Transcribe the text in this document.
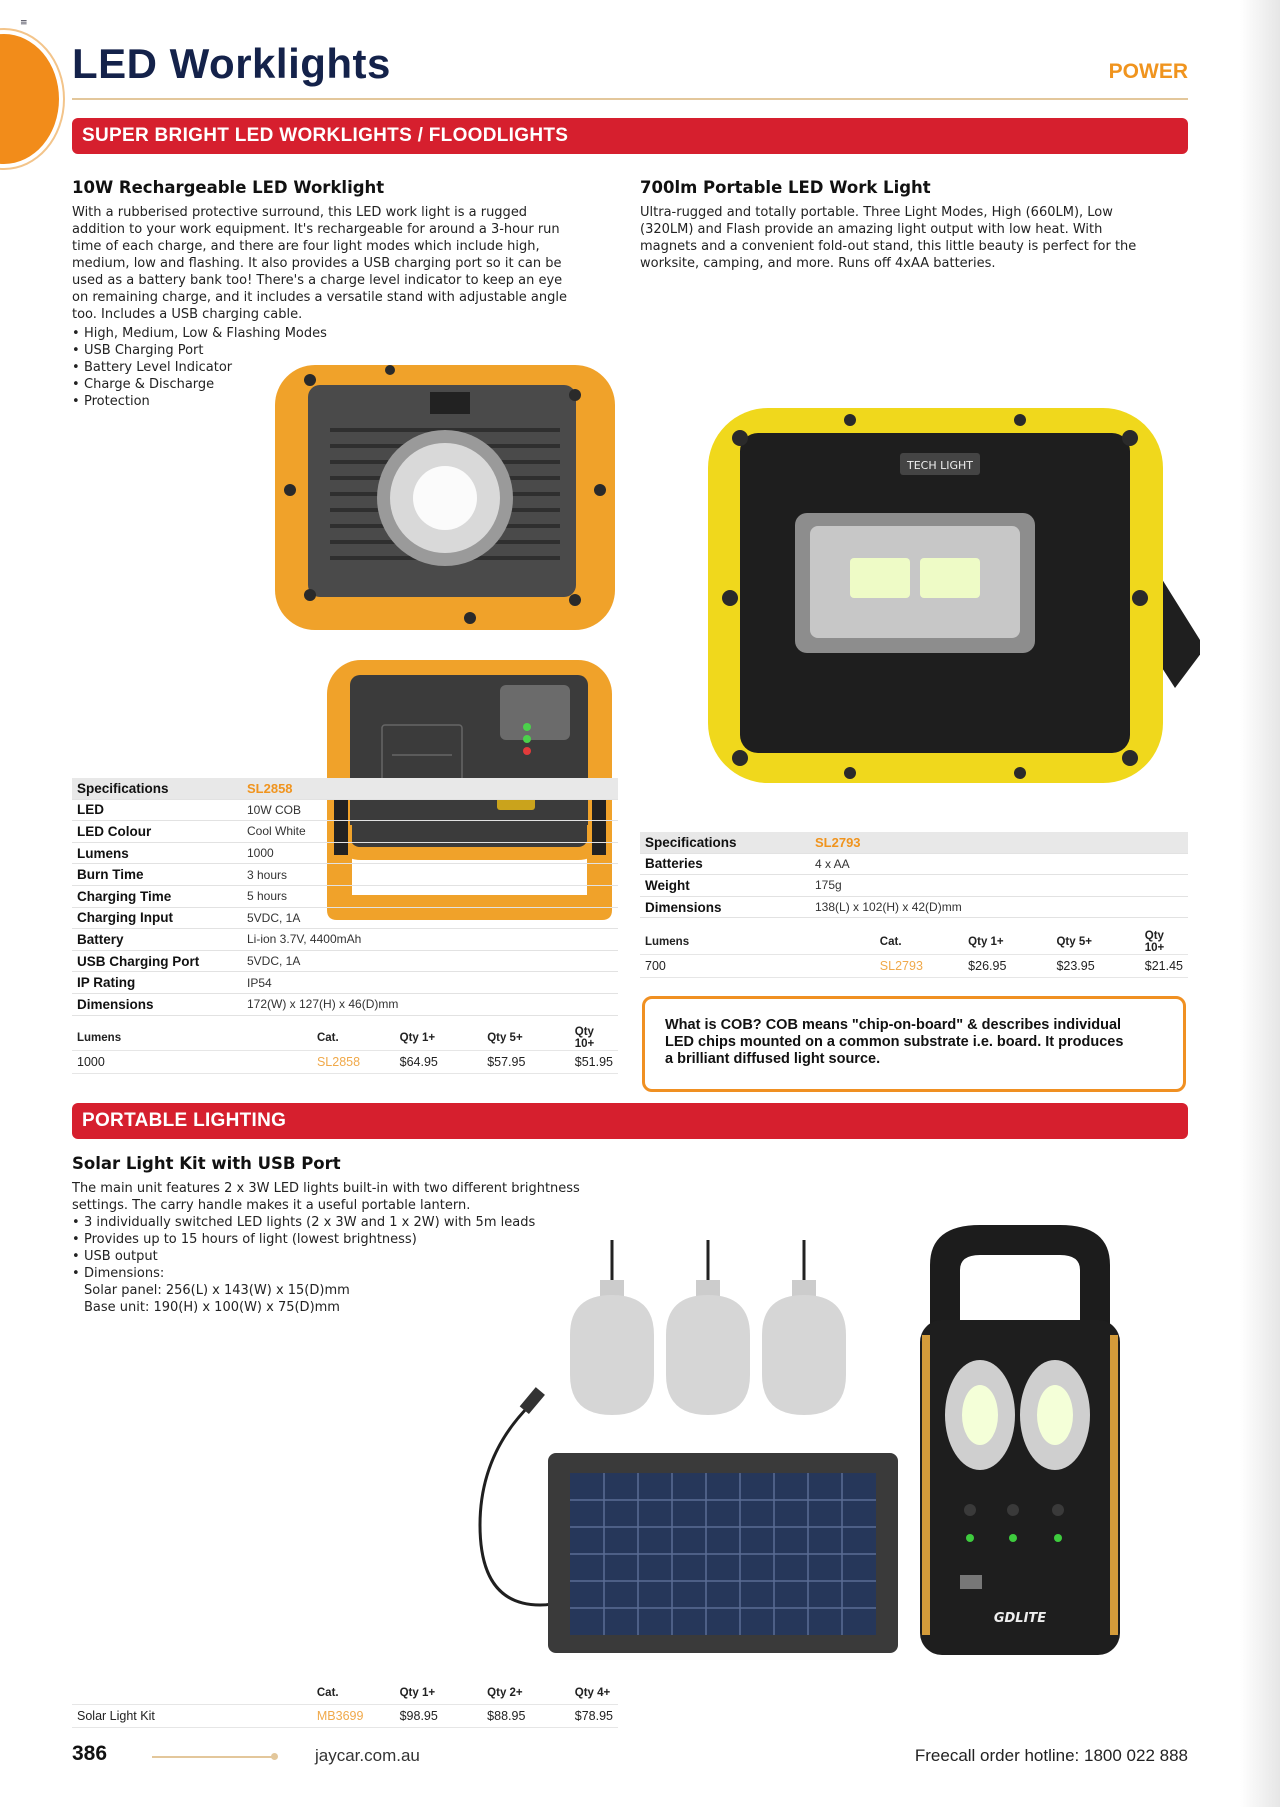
≡
LED Worklights	POWER
SUPER BRIGHT LED WORKLIGHTS / FLOODLIGHTS
10W Rechargeable LED Worklight
With a rubberised protective surround, this LED work light is a rugged
addition to your work equipment. It's rechargeable for around a 3-hour run
time of each charge, and there are four light modes which include high,
medium, low and flashing. It also provides a USB charging port so it can be
used as a battery bank too! There's a charge level indicator to keep an eye
on remaining charge, and it includes a versatile stand with adjustable angle
too. Includes a USB charging cable.
• High, Medium, Low & Flashing Modes
• USB Charging Port
• Battery Level Indicator
• Charge & Discharge
• Protection
Specifications	SL2858
LED	10W COB
LED Colour	Cool White
Lumens	1000
Burn Time	3 hours
Charging Time	5 hours
Charging Input	5VDC, 1A
Battery	Li-ion 3.7V, 4400mAh
USB Charging Port	5VDC, 1A
IP Rating	IP54
Dimensions	172(W) x 127(H) x 46(D)mm
Lumens	Cat.	Qty 1+	Qty 5+	Qty 10+
1000	SL2858	$64.95	$57.95	$51.95
700lm Portable LED Work Light
Ultra-rugged and totally portable. Three Light Modes, High (660LM), Low
(320LM) and Flash provide an amazing light output with low heat. With
magnets and a convenient fold-out stand, this little beauty is perfect for the
worksite, camping, and more. Runs off 4xAA batteries.
TECH LIGHT
Specifications	SL2793
Batteries	4 x AA
Weight	175g
Dimensions	138(L) x 102(H) x 42(D)mm
Lumens	Cat.	Qty 1+	Qty 5+	Qty 10+
700	SL2793	$26.95	$23.95	$21.45
What is COB? COB means "chip-on-board" & describes individual
LED chips mounted on a common substrate i.e. board. It produces
a brilliant diffused light source.
PORTABLE LIGHTING
Solar Light Kit with USB Port
The main unit features 2 x 3W LED lights built-in with two different brightness
settings. The carry handle makes it a useful portable lantern.
• 3 individually switched LED lights (2 x 3W and 1 x 2W) with 5m leads
• Provides up to 15 hours of light (lowest brightness)
• USB output
• Dimensions:
Solar panel: 256(L) x 143(W) x 15(D)mm
Base unit: 190(H) x 100(W) x 75(D)mm
GDLITE
	Cat.	Qty 1+	Qty 2+	Qty 4+
Solar Light Kit	MB3699	$98.95	$88.95	$78.95
386	jaycar.com.au	Freecall order hotline: 1800 022 888
